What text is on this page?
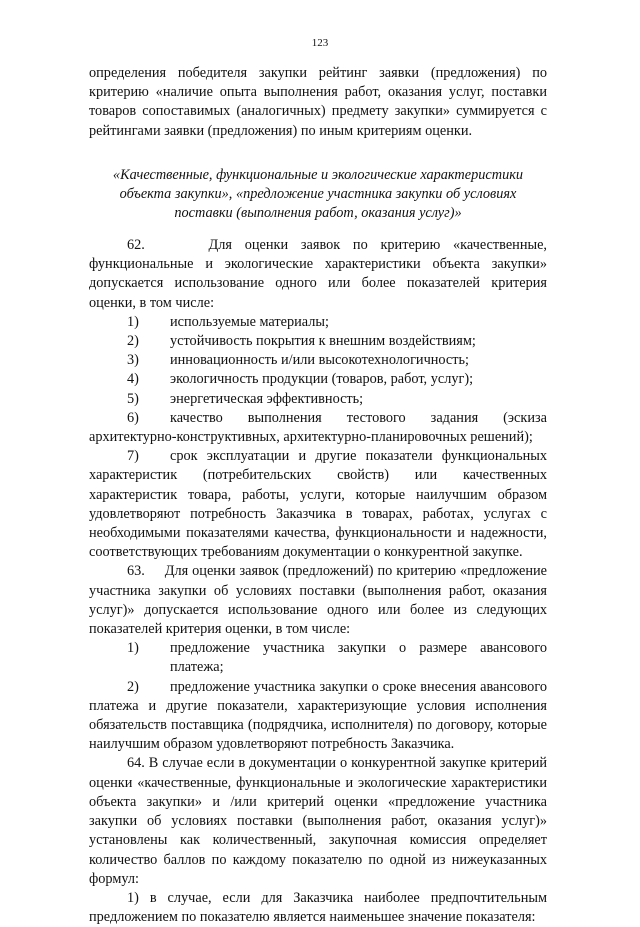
123

определения победителя закупки рейтинг заявки (предложения) по критерию «наличие опыта выполнения работ, оказания услуг, поставки товаров сопоставимых (аналогичных) предмету закупки» суммируется с рейтингами заявки (предложения) по иным критериям оценки.

«Качественные, функциональные и экологические характеристики объекта закупки», «предложение участника закупки об условиях поставки (выполнения работ, оказания услуг)»

62.     Для оценки заявок по критерию «качественные, функциональные и экологические характеристики объекта закупки» допускается использование одного или более показателей критерия оценки, в том числе:

1) используемые материалы;

2) устойчивость покрытия к внешним воздействиям;

3) инновационность и/или высокотехнологичность;

4) экологичность продукции (товаров, работ, услуг);

5) энергетическая эффективность;

6) качество выполнения тестового задания (эскиза архитектурно-конструктивных, архитектурно-планировочных решений);

7) срок эксплуатации и другие показатели функциональных характеристик (потребительских свойств) или качественных характеристик товара, работы, услуги, которые наилучшим образом удовлетворяют потребность Заказчика в товарах, работах, услугах с необходимыми показателями качества, функциональности и надежности, соответствующих требованиям документации о конкурентной закупке.

63.     Для оценки заявок (предложений) по критерию «предложение участника закупки об условиях поставки (выполнения работ, оказания услуг)» допускается использование одного или более из следующих показателей критерия оценки, в том числе:

1) предложение участника закупки о размере авансового платежа;

2) предложение участника закупки о сроке внесения авансового платежа и другие показатели, характеризующие условия исполнения обязательств поставщика (подрядчика, исполнителя) по договору, которые наилучшим образом удовлетворяют потребность Заказчика.

64. В случае если в документации о конкурентной закупке критерий оценки «качественные, функциональные и экологические характеристики объекта закупки» и /или критерий оценки «предложение участника закупки об условиях поставки (выполнения работ, оказания услуг)» установлены как количественный, закупочная комиссия определяет количество баллов по каждому показателю по одной из нижеуказанных формул:

1) в случае, если для Заказчика наиболее предпочтительным предложением по показателю является наименьшее значение показателя:
